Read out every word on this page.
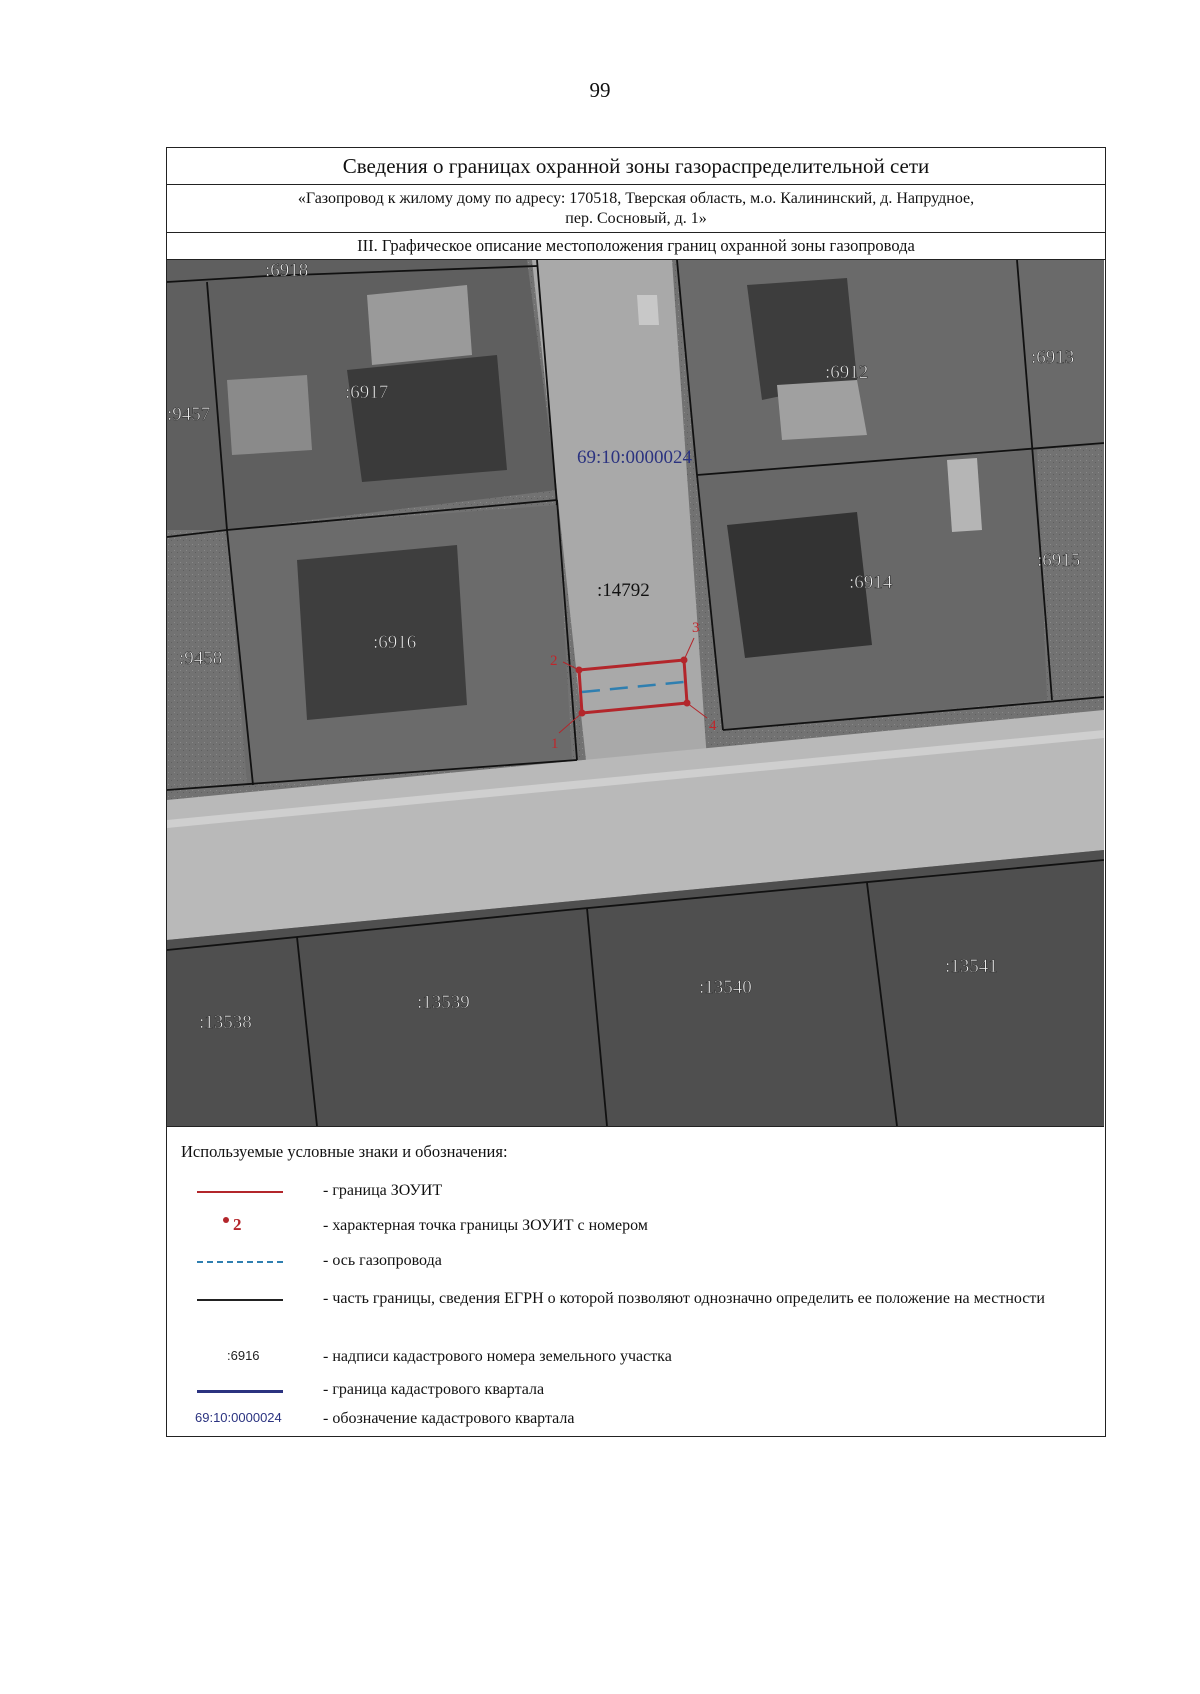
99
Сведения о границах охранной зоны газораспределительной сети
«Газопровод к жилому дому по адресу: 170518, Тверская область, м.о. Калининский, д. Напрудное,
пер. Сосновый, д. 1»
III. Графическое описание местоположения границ охранной зоны газопровода
1
2
3
4
69:10:0000024
:14792
:6918
:6917
:9457
:6912
:6913
:6914
:6915
:6916
:9458
:13538
:13539
:13540
:13541
Используемые условные знаки и обозначения:
- граница ЗОУИТ
2	- характерная точка границы ЗОУИТ с номером
- ось газопровода
- часть границы, сведения ЕГРН о которой позволяют однозначно определить ее положение на местности
:6916	- надписи кадастрового номера земельного участка
- граница кадастрового квартала
69:10:0000024	- обозначение кадастрового квартала
